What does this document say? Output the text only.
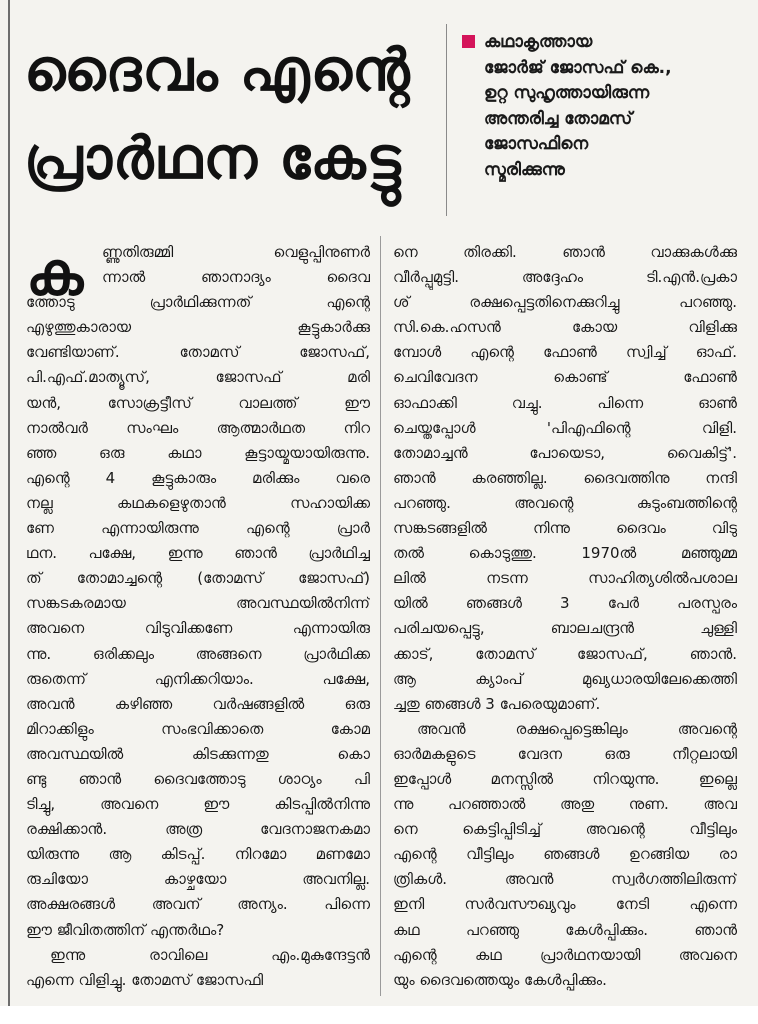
ദൈവം എന്റെ
പ്രാർഥന കേട്ടു
കഥാകൃത്തായ
ജോർജ് ജോസഫ് കെ.,
ഉറ്റ സുഹൃത്തായിരുന്ന
അന്തരിച്ച തോമസ്
ജോസഫിനെ
സ്മരിക്കുന്നു
ക	ണ്ണുതിരുമ്മി വെളുപ്പിനുണർ
ന്നാൽ ഞാനാദ്യം ദൈവ
ത്തോടു പ്രാർഥിക്കുന്നത് എന്റെ
എഴുത്തുകാരായ കൂട്ടുകാർക്കു
വേണ്ടിയാണ്. തോമസ് ജോസഫ്,
പി.എഫ്.മാത്യൂസ്, ജോസഫ് മരി
യൻ, സോക്രട്ടീസ് വാലത്ത് ഈ
നാൽവർ സംഘം ആത്മാർഥത നിറ
ഞ്ഞ ഒരു കഥാ കൂട്ടായ്മയായിരുന്നു.
എന്റെ 4 കൂട്ടുകാരും മരിക്കും വരെ
നല്ല കഥകളെഴുതാൻ സഹായിക്ക
ണേ എന്നായിരുന്നു എന്റെ പ്രാർ
ഥന. പക്ഷേ, ഇന്നു ഞാൻ പ്രാർഥിച്ച
ത് തോമാച്ചന്റെ (തോമസ് ജോസഫ്)
സങ്കടകരമായ അവസ്ഥയിൽനിന്ന്
അവനെ വിടുവിക്കണേ എന്നായിരു
ന്നു. ഒരിക്കലും അങ്ങനെ പ്രാർഥിക്ക
രുതെന്ന് എനിക്കറിയാം. പക്ഷേ,
അവൻ കഴിഞ്ഞ വർഷങ്ങളിൽ ഒരു
മിറാക്കിളും സംഭവിക്കാതെ കോമ
അവസ്ഥയിൽ കിടക്കുന്നതു കൊ
ണ്ടു ഞാൻ ദൈവത്തോടു ശാഠ്യം പി
ടിച്ചു, അവനെ ഈ കിടപ്പിൽനിന്നു
രക്ഷിക്കാൻ. അത്ര വേദനാജനകമാ
യിരുന്നു ആ കിടപ്പ്. നിറമോ മണമോ
രുചിയോ കാഴ്ചയോ അവനില്ല.
അക്ഷരങ്ങൾ അവന് അന്യം. പിന്നെ
ഈ ജീവിതത്തിന് എന്തർഥം?
ഇന്നു രാവിലെ എം.മുകുന്ദേട്ടൻ
എന്നെ വിളിച്ചു. തോമസ് ജോസഫി
നെ തിരക്കി. ഞാൻ വാക്കുകൾക്കു
വീർപ്പുമുട്ടി. അദ്ദേഹം ടി.എൻ.പ്രകാ
ശ് രക്ഷപ്പെട്ടതിനെക്കുറിച്ചു പറഞ്ഞു.
സി.കെ.ഹസൻ കോയ വിളിക്കു
മ്പോൾ എന്റെ ഫോൺ സ്വിച്ച് ഓഫ്.
ചെവിവേദന കൊണ്ട് ഫോൺ
ഓഫാക്കി വച്ചു. പിന്നെ ഓൺ
ചെയ്തപ്പോൾ 'പിഎഫിന്റെ വിളി.
തോമാച്ചൻ പോയെടാ, വൈകിട്ട്'.
ഞാൻ കരഞ്ഞില്ല. ദൈവത്തിനു നന്ദി
പറഞ്ഞു. അവന്റെ കുടുംബത്തിന്റെ
സങ്കടങ്ങളിൽ നിന്നു ദൈവം വിടു
തൽ കൊടുത്തു. 1970ൽ മഞ്ഞുമ്മ
ലിൽ നടന്ന സാഹിത്യശിൽപശാല
യിൽ ഞങ്ങൾ 3 പേർ പരസ്പരം
പരിചയപ്പെട്ടു, ബാലചന്ദ്രൻ ചുള്ളി
ക്കാട്, തോമസ് ജോസഫ്, ഞാൻ.
ആ ക്യാംപ് മുഖ്യധാരയിലേക്കെത്തി
ച്ചതു ഞങ്ങൾ 3 പേരെയുമാണ്.
അവൻ രക്ഷപ്പെട്ടെങ്കിലും അവന്റെ
ഓർമകളുടെ വേദന ഒരു നീറ്റലായി
ഇപ്പോൾ മനസ്സിൽ നിറയുന്നു. ഇല്ലെ
ന്നു പറഞ്ഞാൽ അതു നുണ. അവ
നെ കെട്ടിപ്പിടിച്ച് അവന്റെ വീട്ടിലും
എന്റെ വീട്ടിലും ഞങ്ങൾ ഉറങ്ങിയ രാ
ത്രികൾ. അവൻ സ്വർഗത്തിലിരുന്ന്
ഇനി സർവസൗഖ്യവും നേടി എന്നെ
കഥ പറഞ്ഞു കേൾപ്പിക്കും. ഞാൻ
എന്റെ കഥ പ്രാർഥനയായി അവനെ
യും ദൈവത്തെയും കേൾപ്പിക്കും.
